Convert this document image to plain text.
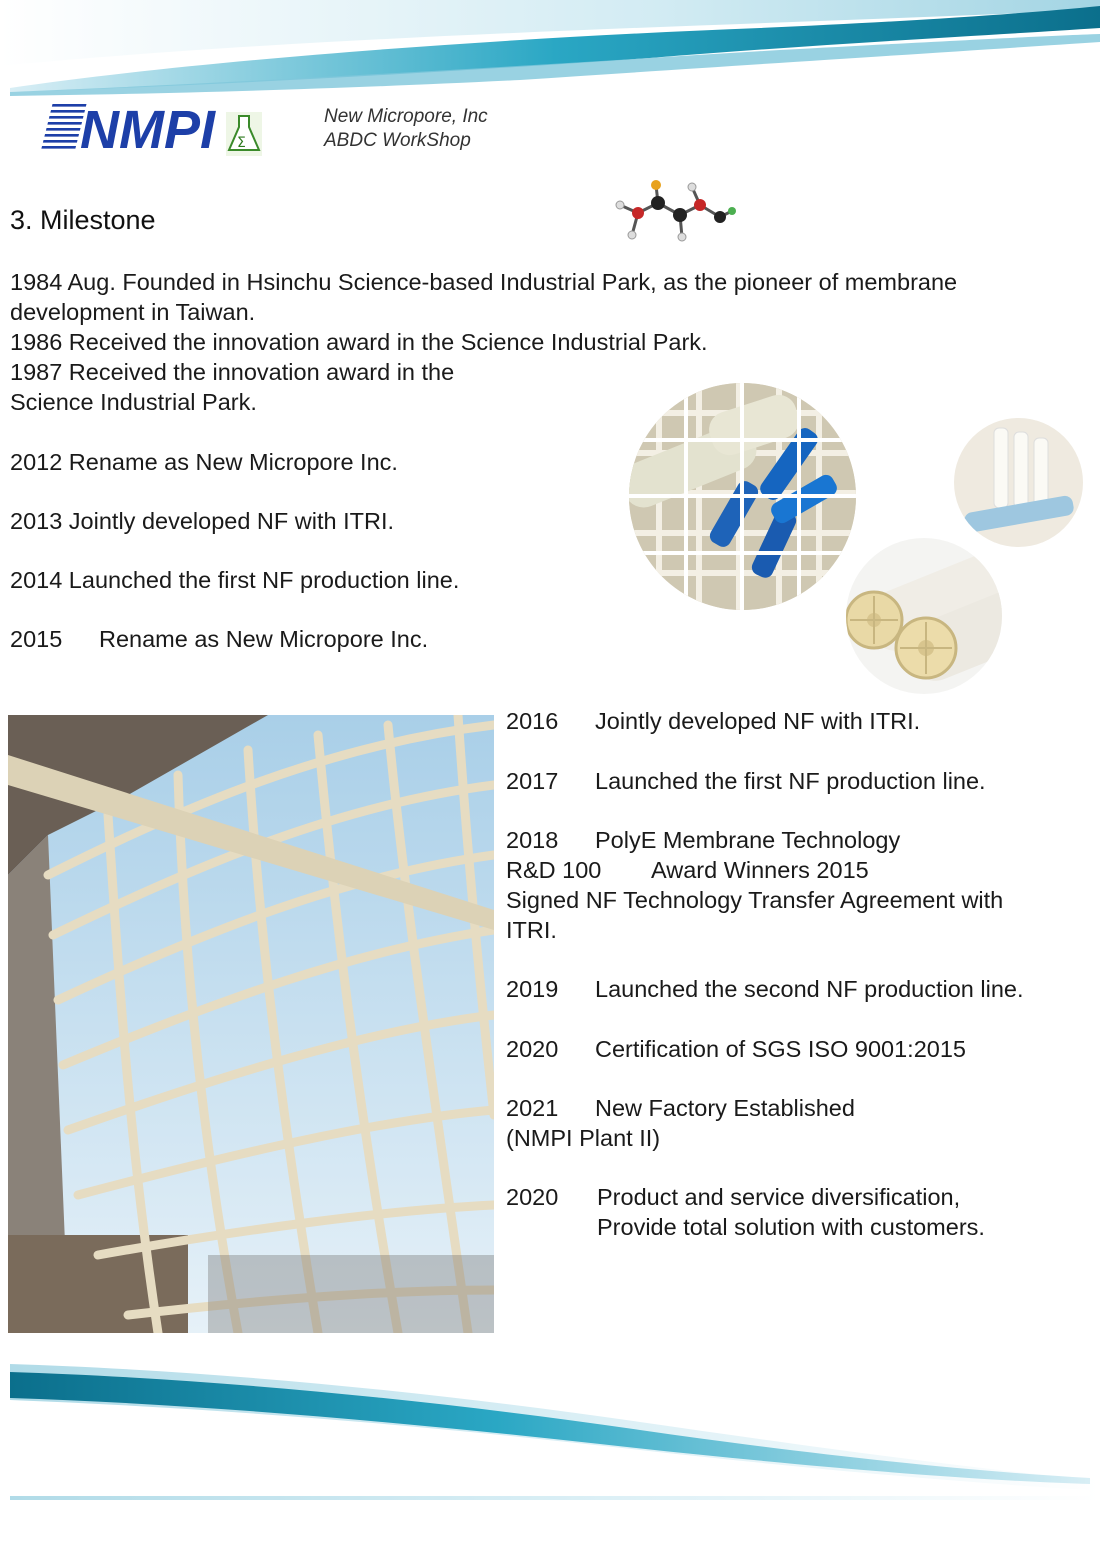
NMPI Σ
New Micropore, Inc
ABDC WorkShop
3. Milestone
1984 Aug. Founded in Hsinchu Science-based Industrial Park, as the pioneer of membrane
development in Taiwan.
1986 Received the innovation award in the Science Industrial Park.
1987 Received the innovation award in the
Science Industrial Park.
2012 Rename as New Micropore Inc.
2013 Jointly developed NF with ITRI.
2014 Launched the first NF production line.
2015 Rename as New Micropore Inc.
2016 Jointly developed NF with ITRI.
2017 Launched the first NF production line.
2018 PolyE Membrane Technology
R&D 100 Award Winners 2015
Signed NF Technology Transfer Agreement with
ITRI.
2019 Launched the second NF production line.
2020 Certification of SGS ISO 9001:2015
2021 New Factory Established
(NMPI Plant II)
2020 Product and service diversification,
Provide total solution with customers.
